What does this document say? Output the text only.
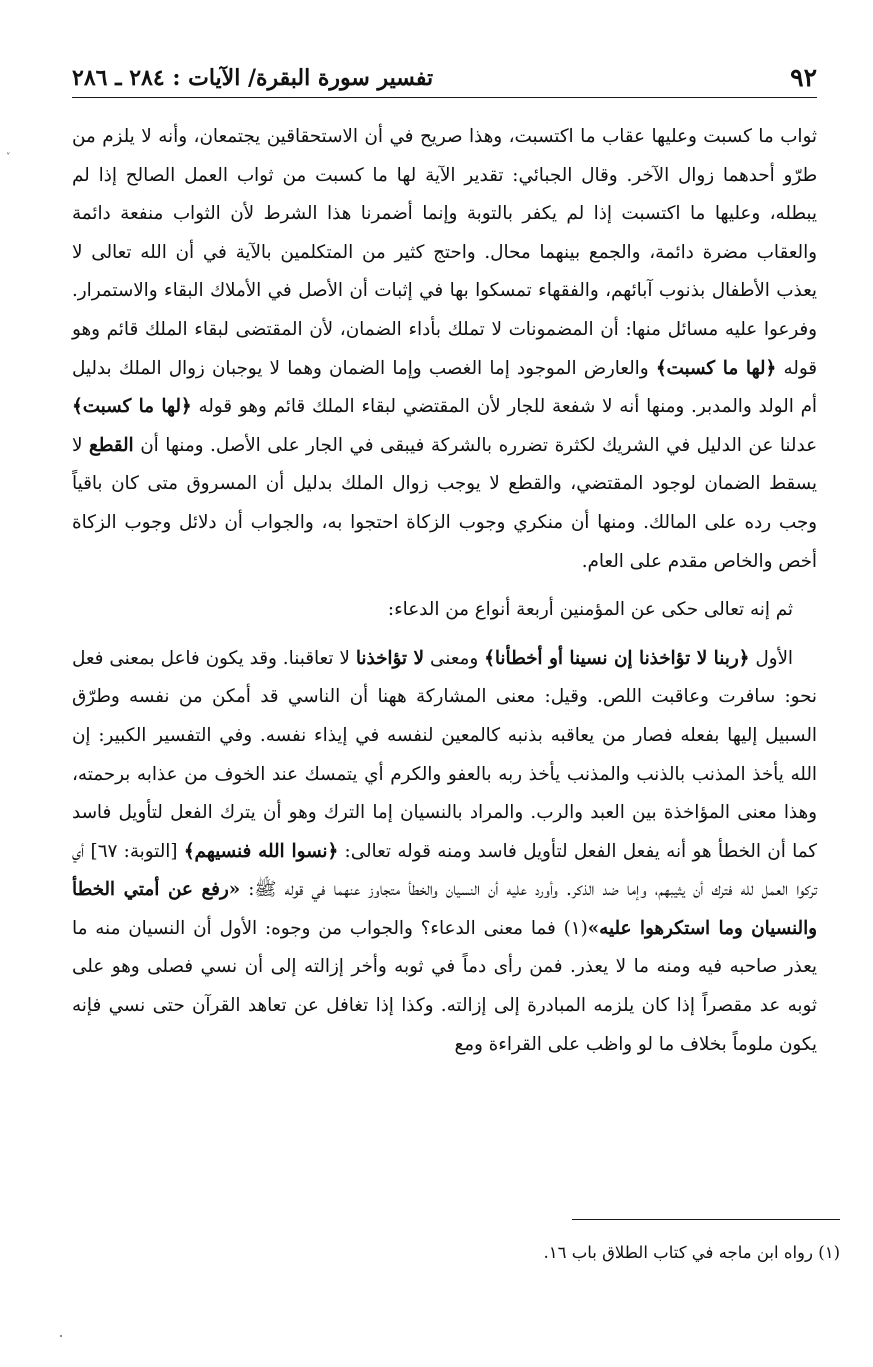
٩٢
تفسير سورة البقرة/ الآيات : ٢٨٤ ـ ٢٨٦
˅

ثواب ما كسبت وعليها عقاب ما اكتسبت، وهذا صريح في أن الاستحقاقين يجتمعان، وأنه لا يلزم من طرّو أحدهما زوال الآخر. وقال الجبائي: تقدير الآية لها ما كسبت من ثواب العمل الصالح إذا لم يبطله، وعليها ما اكتسبت إذا لم يكفر بالتوبة وإنما أضمرنا هذا الشرط لأن الثواب منفعة دائمة والعقاب مضرة دائمة، والجمع بينهما محال. واحتج كثير من المتكلمين بالآية في أن الله تعالى لا يعذب الأطفال بذنوب آبائهم، والفقهاء تمسكوا بها في إثبات أن الأصل في الأملاك البقاء والاستمرار. وفرعوا عليه مسائل منها: أن المضمونات لا تملك بأداء الضمان، لأن المقتضى لبقاء الملك قائم وهو قوله ﴿لها ما كسبت﴾ والعارض الموجود إما الغصب وإما الضمان وهما لا يوجبان زوال الملك بدليل أم الولد والمدبر. ومنها أنه لا شفعة للجار لأن المقتضي لبقاء الملك قائم وهو قوله ﴿لها ما كسبت﴾ عدلنا عن الدليل في الشريك لكثرة تضرره بالشركة فيبقى في الجار على الأصل. ومنها أن القطع لا يسقط الضمان لوجود المقتضي، والقطع لا يوجب زوال الملك بدليل أن المسروق متى كان باقياً وجب رده على المالك. ومنها أن منكري وجوب الزكاة احتجوا به، والجواب أن دلائل وجوب الزكاة أخص والخاص مقدم على العام.

ثم إنه تعالى حكى عن المؤمنين أربعة أنواع من الدعاء:

الأول ﴿ربنا لا تؤاخذنا إن نسينا أو أخطأنا﴾ ومعنى لا تؤاخذنا لا تعاقبنا. وقد يكون فاعل بمعنى فعل نحو: سافرت وعاقبت اللص. وقيل: معنى المشاركة ههنا أن الناسي قد أمكن من نفسه وطرّق السبيل إليها بفعله فصار من يعاقبه بذنبه كالمعين لنفسه في إيذاء نفسه. وفي التفسير الكبير: إن الله يأخذ المذنب بالذنب والمذنب يأخذ ربه بالعفو والكرم أي يتمسك عند الخوف من عذابه برحمته، وهذا معنى المؤاخذة بين العبد والرب. والمراد بالنسيان إما الترك وهو أن يترك الفعل لتأويل فاسد كما أن الخطأ هو أنه يفعل الفعل لتأويل فاسد ومنه قوله تعالى: ﴿نسوا الله فنسيهم﴾ [التوبة: ٦٧] أي تركوا العمل لله فترك أن يثيبهم، وإما ضد الذكر. وأورد عليه أن النسيان والخطأ متجاوز عنهما في قوله ﷺ: «رفع عن أمتي الخطأ والنسيان وما استكرهوا عليه»(١) فما معنى الدعاء؟ والجواب من وجوه: الأول أن النسيان منه ما يعذر صاحبه فيه ومنه ما لا يعذر. فمن رأى دماً في ثوبه وأخر إزالته إلى أن نسي فصلى وهو على ثوبه عد مقصراً إذا كان يلزمه المبادرة إلى إزالته. وكذا إذا تغافل عن تعاهد القرآن حتى نسي فإنه يكون ملوماً بخلاف ما لو واظب على القراءة ومع

(١) رواه ابن ماجه في كتاب الطلاق باب ١٦.
